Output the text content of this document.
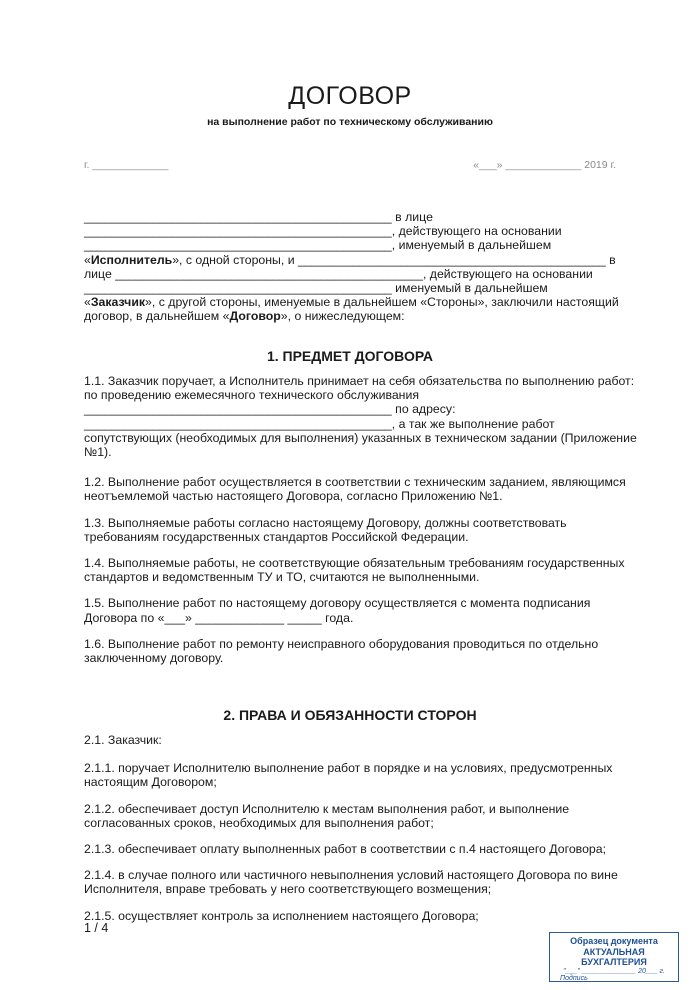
ДОГОВОР
на выполнение работ по техническому обслуживанию
г. _____________	«___» _____________ 2019 г.
_____________________________________________ в лице
_____________________________________________, действующего на основании
_____________________________________________, именуемый в дальнейшем
«Исполнитель», с одной стороны, и _____________________________________________ в
лице _____________________________________________, действующего на основании
_____________________________________________ именуемый в дальнейшем
«Заказчик», с другой стороны, именуемые в дальнейшем «Стороны», заключили настоящий
договор, в дальнейшем «Договор», о нижеследующем:
1. ПРЕДМЕТ ДОГОВОРА
1.1. Заказчик поручает, а Исполнитель принимает на себя обязательства по выполнению работ:
по проведению ежемесячного технического обслуживания
_____________________________________________ по адресу:
_____________________________________________, а так же выполнение работ
сопутствующих (необходимых для выполнения) указанных в техническом задании (Приложение
№1).
1.2. Выполнение работ осуществляется в соответствии с техническим заданием, являющимся
неотъемлемой частью настоящего Договора, согласно Приложению №1.
1.3. Выполняемые работы согласно настоящему Договору, должны соответствовать
требованиям государственных стандартов Российской Федерации.
1.4. Выполняемые работы, не соответствующие обязательным требованиям государственных
стандартов и ведомственным ТУ и ТО, считаются не выполненными.
1.5. Выполнение работ по настоящему договору осуществляется с момента подписания
Договора по «___» _____________ _____ года.
1.6. Выполнение работ по ремонту неисправного оборудования проводиться по отдельно
заключенному договору.
2. ПРАВА И ОБЯЗАННОСТИ СТОРОН
2.1. Заказчик:
2.1.1. поручает Исполнителю выполнение работ в порядке и на условиях, предусмотренных
настоящим Договором;
2.1.2. обеспечивает доступ Исполнителю к местам выполнения работ, и выполнение
согласованных сроков, необходимых для выполнения работ;
2.1.3. обеспечивает оплату выполненных работ в соответствии с п.4 настоящего Договора;
2.1.4. в случае полного или частичного невыполнения условий настоящего Договора по вине
Исполнителя, вправе требовать у него соответствующего возмещения;
2.1.5. осуществляет контроль за исполнением настоящего Договора;
1 / 4
Образец документа
АКТУАЛЬНАЯ БУХГАЛТЕРИЯ
"___" ______________ 20___ г.
Подпись
